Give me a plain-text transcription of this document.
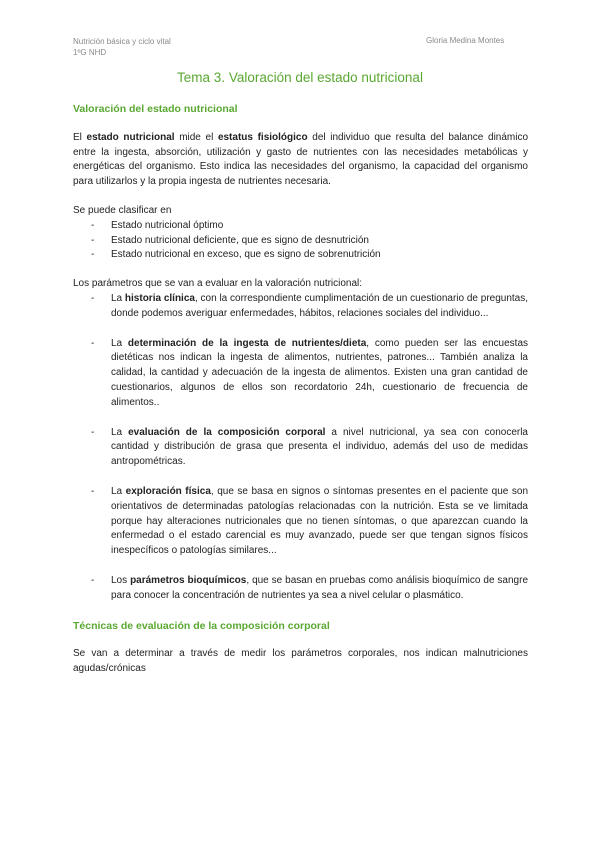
Nutrición básica y ciclo vital
1ºG NHD
Gloria Medina Montes
Tema 3. Valoración del estado nutricional
Valoración del estado nutricional

El estado nutricional mide el estatus fisiológico del individuo que resulta del balance dinámico entre la ingesta, absorción, utilización y gasto de nutrientes con las necesidades metabólicas y energéticas del organismo. Esto indica las necesidades del organismo, la capacidad del organismo para utilizarlos y la propia ingesta de nutrientes necesaria.

Se puede clasificar en

- Estado nutricional óptimo
- Estado nutricional deficiente, que es signo de desnutrición
- Estado nutricional en exceso, que es signo de sobrenutrición

Los parámetros que se van a evaluar en la valoración nutricional:

- La historia clínica, con la correspondiente cumplimentación de un cuestionario de preguntas, donde podemos averiguar enfermedades, hábitos, relaciones sociales del individuo...
- La determinación de la ingesta de nutrientes/dieta, como pueden ser las encuestas dietéticas nos indican la ingesta de alimentos, nutrientes, patrones... También analiza la calidad, la cantidad y adecuación de la ingesta de alimentos. Existen una gran cantidad de cuestionarios, algunos de ellos son recordatorio 24h, cuestionario de frecuencia de alimentos..
- La evaluación de la composición corporal a nivel nutricional, ya sea con conocerla cantidad y distribución de grasa que presenta el individuo, además del uso de medidas antropométricas.
- La exploración física, que se basa en signos o síntomas presentes en el paciente que son orientativos de determinadas patologías relacionadas con la nutrición. Esta se ve limitada porque hay alteraciones nutricionales que no tienen síntomas, o que aparezcan cuando la enfermedad o el estado carencial es muy avanzado, puede ser que tengan signos físicos inespecíficos o patologías similares...
- Los parámetros bioquímicos, que se basan en pruebas como análisis bioquímico de sangre para conocer la concentración de nutrientes ya sea a nivel celular o plasmático.
Técnicas de evaluación de la composición corporal

Se van a determinar a través de medir los parámetros corporales, nos indican malnutriciones agudas/crónicas
